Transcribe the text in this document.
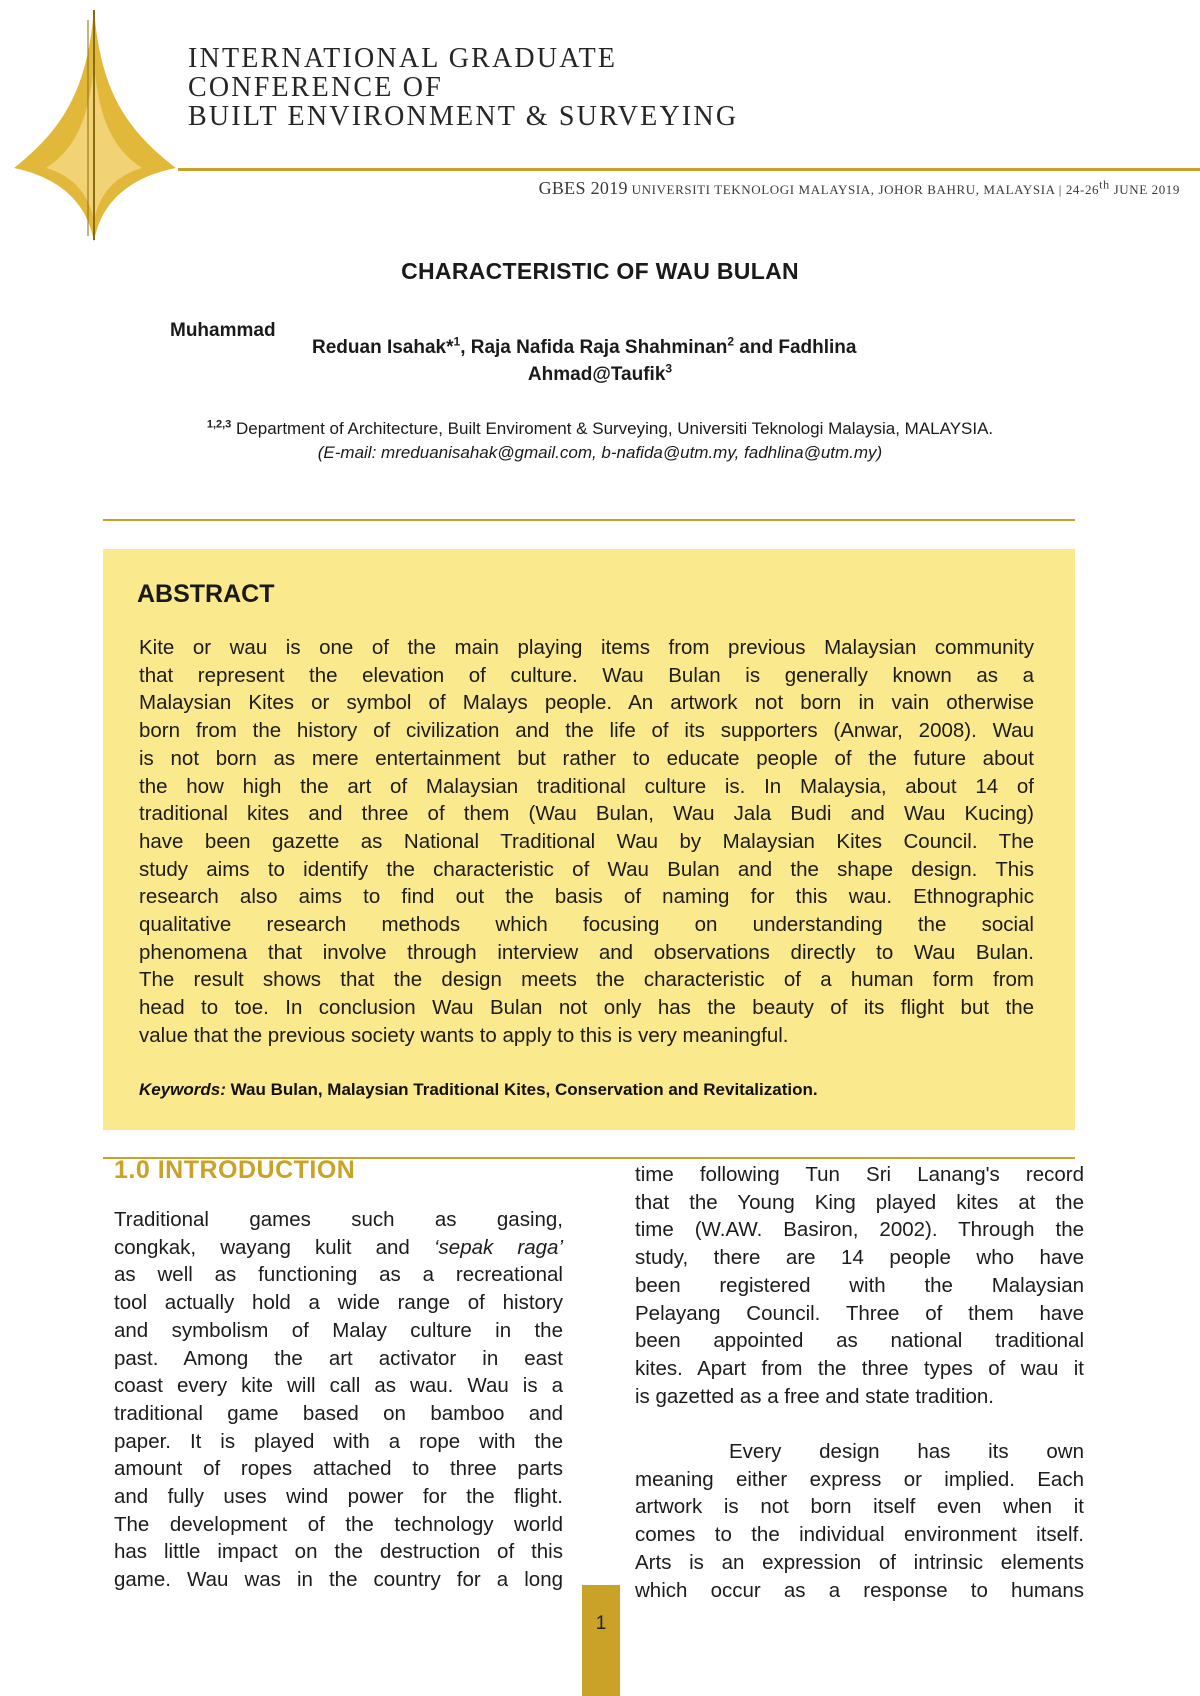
INTERNATIONAL GRADUATE
CONFERENCE OF
BUILT ENVIRONMENT & SURVEYING
GBES 2019 UNIVERSITI TEKNOLOGI MALAYSIA, JOHOR BAHRU, MALAYSIA | 24-26th JUNE 2019
CHARACTERISTIC OF WAU BULAN
Muhammad
Reduan Isahak*$^1$, Raja Nafida Raja Shahminan$^2$ and Fadhlina
Ahmad@Taufik$^3$
$^{1,2,3}$ Department of Architecture, Built Enviroment & Surveying, Universiti Teknologi Malaysia, MALAYSIA.
(E-mail: mreduanisahak@gmail.com, b-nafida@utm.my, fadhlina@utm.my)
ABSTRACT
Kite or wau is one of the main playing items from previous Malaysian community
that represent the elevation of culture. Wau Bulan is generally known as a
Malaysian Kites or symbol of Malays people. An artwork not born in vain otherwise
born from the history of civilization and the life of its supporters (Anwar, 2008). Wau
is not born as mere entertainment but rather to educate people of the future about
the how high the art of Malaysian traditional culture is. In Malaysia, about 14 of
traditional kites and three of them (Wau Bulan, Wau Jala Budi and Wau Kucing)
have been gazette as National Traditional Wau by Malaysian Kites Council. The
study aims to identify the characteristic of Wau Bulan and the shape design. This
research also aims to find out the basis of naming for this wau. Ethnographic
qualitative research methods which focusing on understanding the social
phenomena that involve through interview and observations directly to Wau Bulan.
The result shows that the design meets the characteristic of a human form from
head to toe. In conclusion Wau Bulan not only has the beauty of its flight but the
value that the previous society wants to apply to this is very meaningful.
Keywords: Wau Bulan, Malaysian Traditional Kites, Conservation and Revitalization.
1.0 INTRODUCTION
Traditional games such as gasing,
congkak, wayang kulit and ‘sepak raga’
as well as functioning as a recreational
tool actually hold a wide range of history
and symbolism of Malay culture in the
past. Among the art activator in east
coast every kite will call as wau. Wau is a
traditional game based on bamboo and
paper. It is played with a rope with the
amount of ropes attached to three parts
and fully uses wind power for the flight.
The development of the technology world
has little impact on the destruction of this
game. Wau was in the country for a long
time following Tun Sri Lanang's record
that the Young King played kites at the
time (W.AW. Basiron, 2002). Through the
study, there are 14 people who have
been registered with the Malaysian
Pelayang Council. Three of them have
been appointed as national traditional
kites. Apart from the three types of wau it
is gazetted as a free and state tradition.
Every design has its own
meaning either express or implied. Each
artwork is not born itself even when it
comes to the individual environment itself.
Arts is an expression of intrinsic elements
which occur as a response to humans
1
